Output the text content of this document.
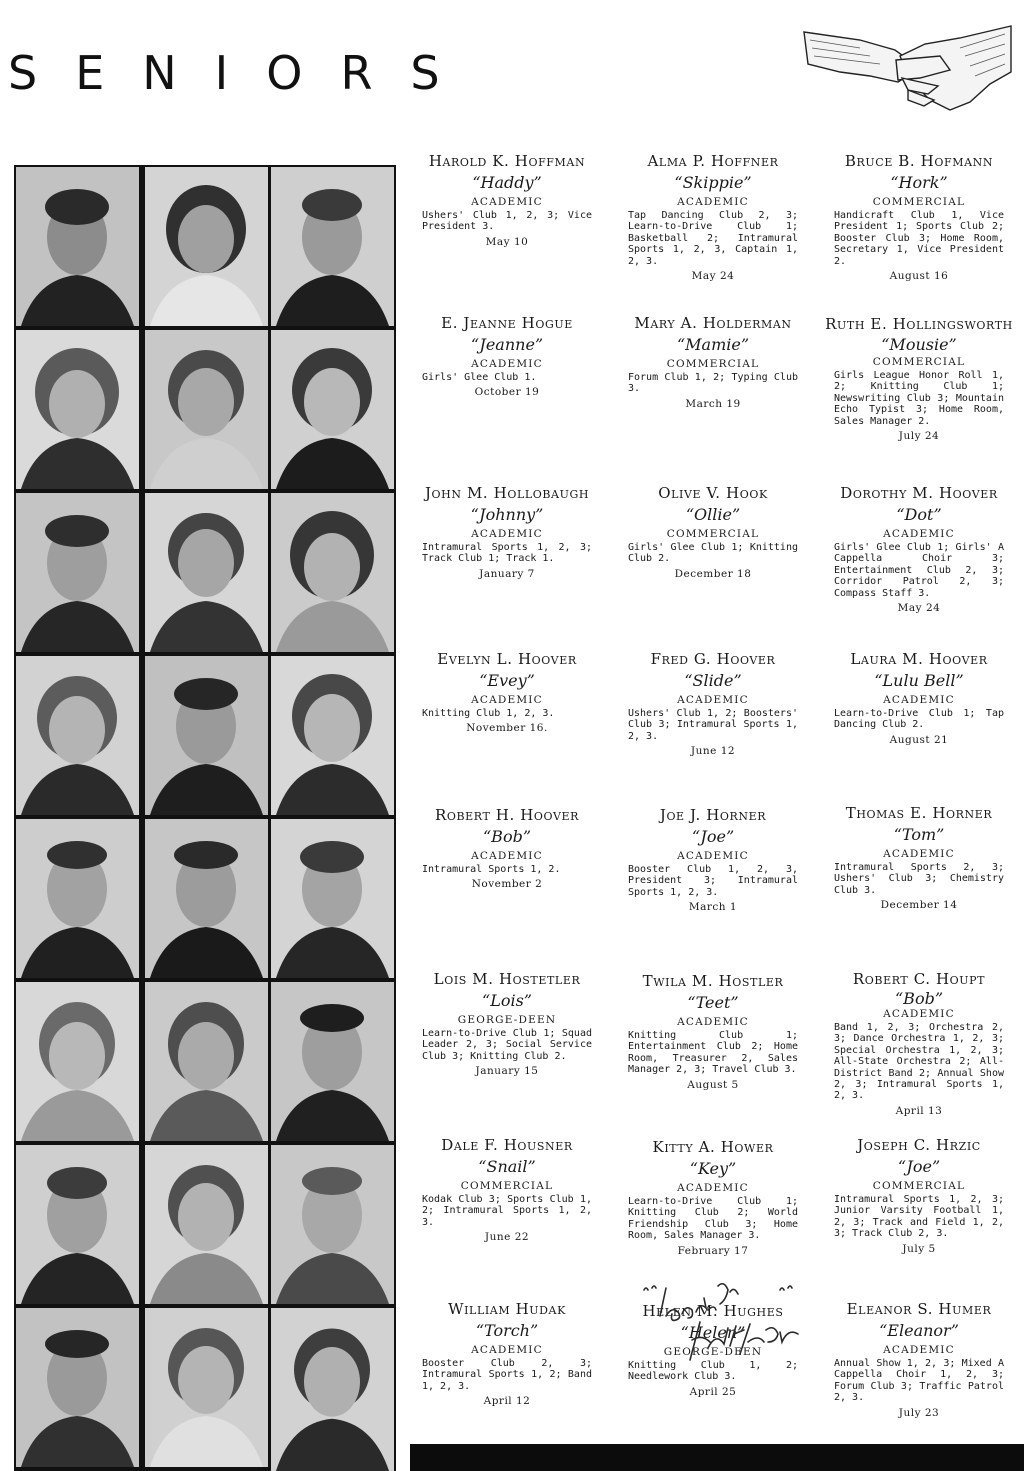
SENIORS
Harold K. Hoffman
“Haddy”
ACADEMIC
Ushers' Club 1, 2, 3; Vice President 3.
May 10
Alma P. Hoffner
“Skippie”
ACADEMIC
Tap Dancing Club 2, 3; Learn-to-Drive Club 1; Basketball 2; Intramural Sports 1, 2, 3, Captain 1, 2, 3.
May 24
Bruce B. Hofmann
“Hork”
COMMERCIAL
Handicraft Club 1, Vice President 1; Sports Club 2; Booster Club 3; Home Room, Secretary 1, Vice President 2.
August 16
E. Jeanne Hogue
“Jeanne”
ACADEMIC
Girls' Glee Club 1.
October 19
Mary A. Holderman
“Mamie”
COMMERCIAL
Forum Club 1, 2; Typing Club 3.
March 19
Ruth E. Hollingsworth
“Mousie”
COMMERCIAL
Girls League Honor Roll 1, 2; Knitting Club 1; Newswriting Club 3; Mountain Echo Typist 3; Home Room, Sales Manager 2.
July 24
John M. Hollobaugh
“Johnny”
ACADEMIC
Intramural Sports 1, 2, 3; Track Club 1; Track 1.
January 7
Olive V. Hook
“Ollie”
COMMERCIAL
Girls' Glee Club 1; Knitting Club 2.
December 18
Dorothy M. Hoover
“Dot”
ACADEMIC
Girls' Glee Club 1; Girls' A Cappella Choir 3; Entertainment Club 2, 3; Corridor Patrol 2, 3; Compass Staff 3.
May 24
Evelyn L. Hoover
“Evey”
ACADEMIC
Knitting Club 1, 2, 3.
November 16.
Fred G. Hoover
“Slide”
ACADEMIC
Ushers' Club 1, 2; Boosters' Club 3; Intramural Sports 1, 2, 3.
June 12
Laura M. Hoover
“Lulu Bell”
ACADEMIC
Learn-to-Drive Club 1; Tap Dancing Club 2.
August 21
Robert H. Hoover
“Bob”
ACADEMIC
Intramural Sports 1, 2.
November 2
Joe J. Horner
“Joe”
ACADEMIC
Booster Club 1, 2, 3, President 3; Intramural Sports 1, 2, 3.
March 1
Thomas E. Horner
“Tom”
ACADEMIC
Intramural Sports 2, 3; Ushers' Club 3; Chemistry Club 3.
December 14
Lois M. Hostetler
“Lois”
GEORGE-DEEN
Learn-to-Drive Club 1; Squad Leader 2, 3; Social Service Club 3; Knitting Club 2.
January 15
Twila M. Hostler
“Teet”
ACADEMIC
Knitting Club 1; Entertainment Club 2; Home Room, Treasurer 2, Sales Manager 2, 3; Travel Club 3.
August 5
Robert C. Houpt
“Bob”
ACADEMIC
Band 1, 2, 3; Orchestra 2, 3; Dance Orchestra 1, 2, 3; Special Orchestra 1, 2, 3; All-State Orchestra 2; All-District Band 2; Annual Show 2, 3; Intramural Sports 1, 2, 3.
April 13
Dale F. Housner
“Snail”
COMMERCIAL
Kodak Club 3; Sports Club 1, 2; Intramural Sports 1, 2, 3.
June 22
Kitty A. Hower
“Key”
ACADEMIC
Learn-to-Drive Club 1; Knitting Club 2; World Friendship Club 3; Home Room, Sales Manager 3.
February 17
Joseph C. Hrzic
“Joe”
COMMERCIAL
Intramural Sports 1, 2, 3; Junior Varsity Football 1, 2, 3; Track and Field 1, 2, 3; Track Club 2, 3.
July 5
William Hudak
“Torch”
ACADEMIC
Booster Club 2, 3; Intramural Sports 1, 2; Band 1, 2, 3.
April 12
Helen M. Hughes
“Helen”
GEORGE-DEEN
Knitting Club 1, 2; Needlework Club 3.
April 25
Eleanor S. Humer
“Eleanor”
ACADEMIC
Annual Show 1, 2, 3; Mixed A Cappella Choir 1, 2, 3; Forum Club 3; Traffic Patrol 2, 3.
July 23
